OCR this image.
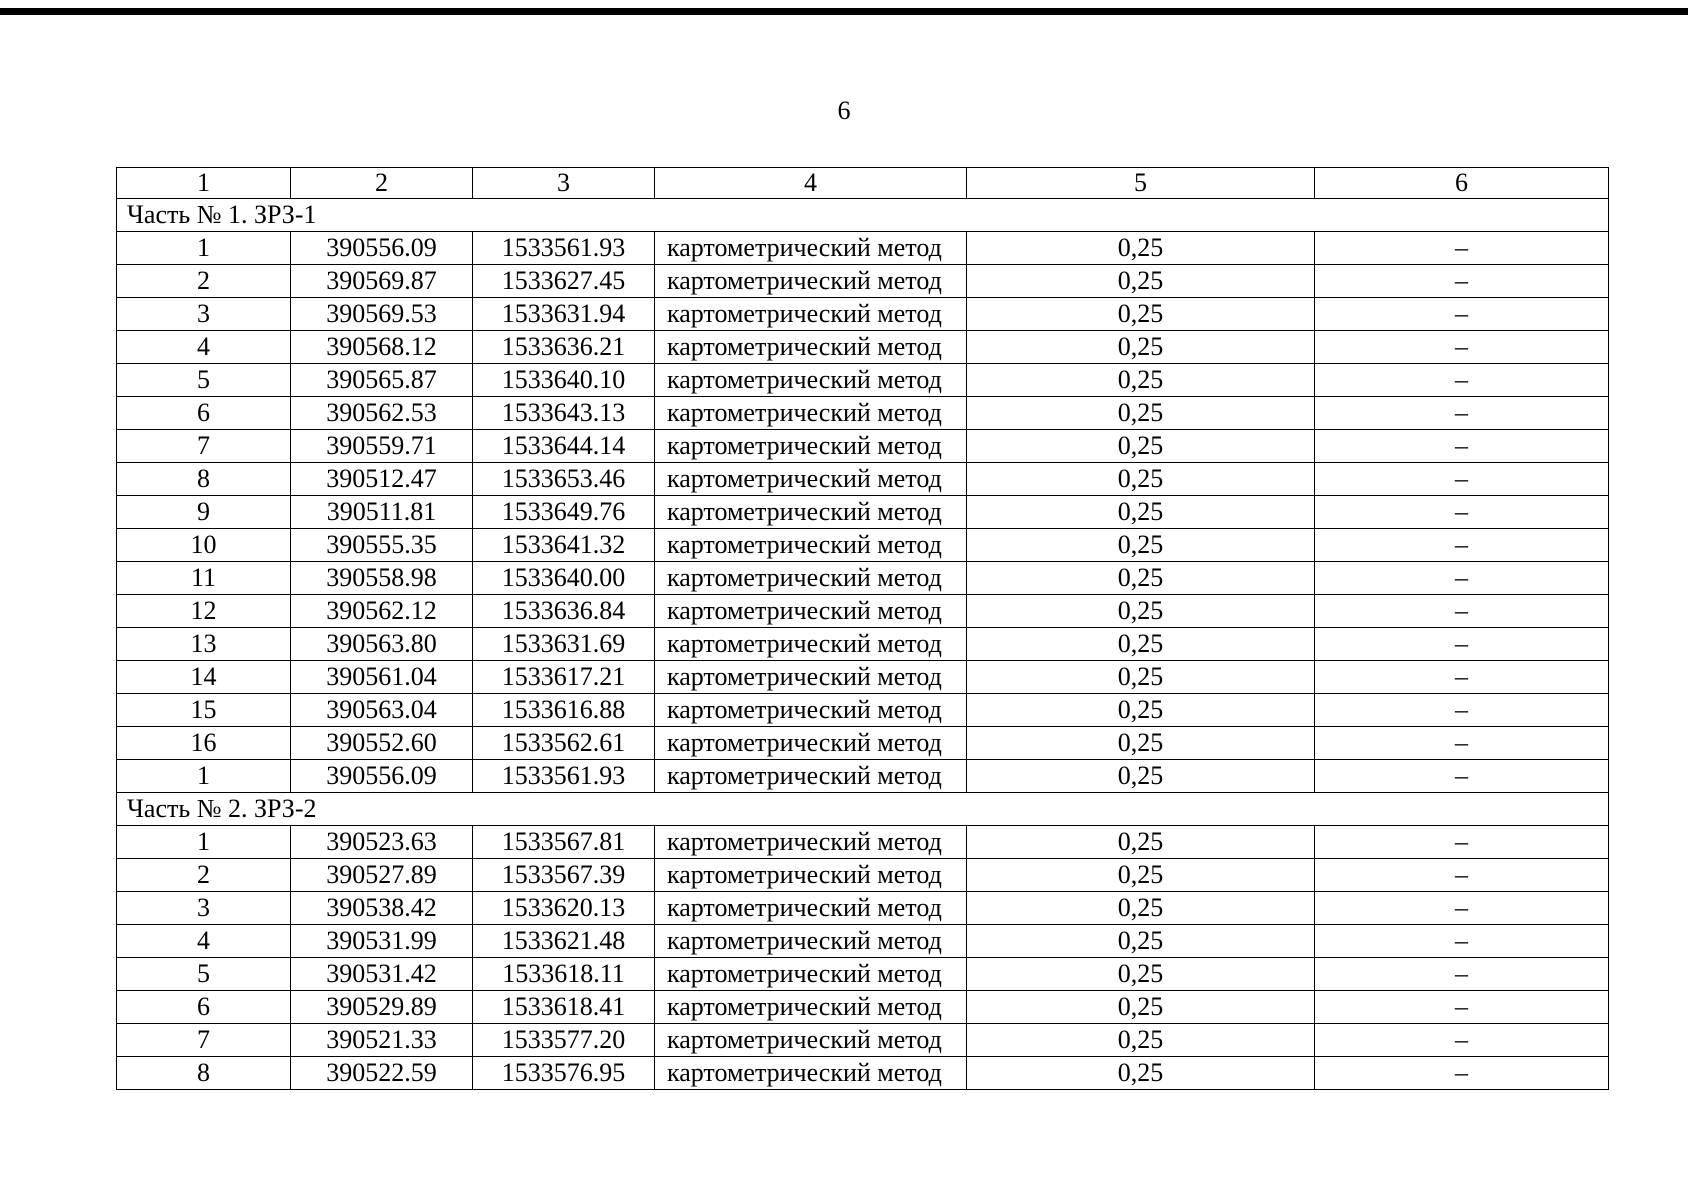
6
1	2	3	4	5	6
Часть № 1. ЗРЗ-1					
1	390556.09	1533561.93	картометрический метод	0,25	–
2	390569.87	1533627.45	картометрический метод	0,25	–
3	390569.53	1533631.94	картометрический метод	0,25	–
4	390568.12	1533636.21	картометрический метод	0,25	–
5	390565.87	1533640.10	картометрический метод	0,25	–
6	390562.53	1533643.13	картометрический метод	0,25	–
7	390559.71	1533644.14	картометрический метод	0,25	–
8	390512.47	1533653.46	картометрический метод	0,25	–
9	390511.81	1533649.76	картометрический метод	0,25	–
10	390555.35	1533641.32	картометрический метод	0,25	–
11	390558.98	1533640.00	картометрический метод	0,25	–
12	390562.12	1533636.84	картометрический метод	0,25	–
13	390563.80	1533631.69	картометрический метод	0,25	–
14	390561.04	1533617.21	картометрический метод	0,25	–
15	390563.04	1533616.88	картометрический метод	0,25	–
16	390552.60	1533562.61	картометрический метод	0,25	–
1	390556.09	1533561.93	картометрический метод	0,25	–
Часть № 2. ЗРЗ-2					
1	390523.63	1533567.81	картометрический метод	0,25	–
2	390527.89	1533567.39	картометрический метод	0,25	–
3	390538.42	1533620.13	картометрический метод	0,25	–
4	390531.99	1533621.48	картометрический метод	0,25	–
5	390531.42	1533618.11	картометрический метод	0,25	–
6	390529.89	1533618.41	картометрический метод	0,25	–
7	390521.33	1533577.20	картометрический метод	0,25	–
8	390522.59	1533576.95	картометрический метод	0,25	–
